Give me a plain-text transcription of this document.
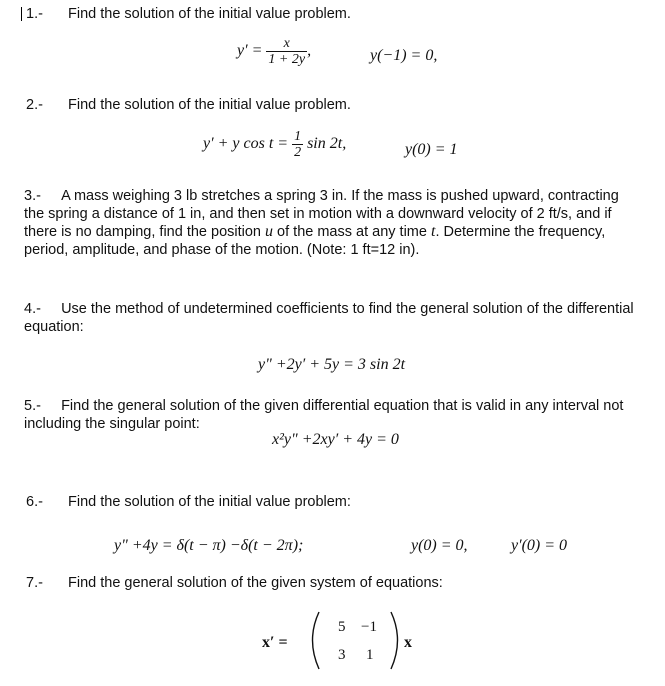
1.- Find the solution of the initial value problem.
$y' = \frac{x}{1 + 2y}$ ,	y(−1) = 0,
2.- Find the solution of the initial value problem.
y′ + y $\cos t = \frac{1}{2}$ sin 2t,	y(0) = 1
3.- A mass weighing 3 lb stretches a spring 3 in. If the mass is pushed upward, contracting the spring a distance of 1 in, and then set in motion with a downward velocity of 2 ft/s, and if there is no damping, find the position u of the mass at any time t. Determine the frequency, period, amplitude, and phase of the motion. (Note: 1 ft=12 in).
4.- Use the method of undetermined coefficients to find the general solution of the differential equation:
y" +2y′ + 5y = 3 sin 2t
5.- Find the general solution of the given differential equation that is valid in any interval not including the singular point:
x²y" +2xy′ + 4y = 0
6.- Find the solution of the initial value problem:
y" +4y = δ(t − π) −δ(t − 2π);	y(0) = 0,	y′(0) = 0
7.- Find the general solution of the given system of equations:
x′ =
5 −1
3 1
x
